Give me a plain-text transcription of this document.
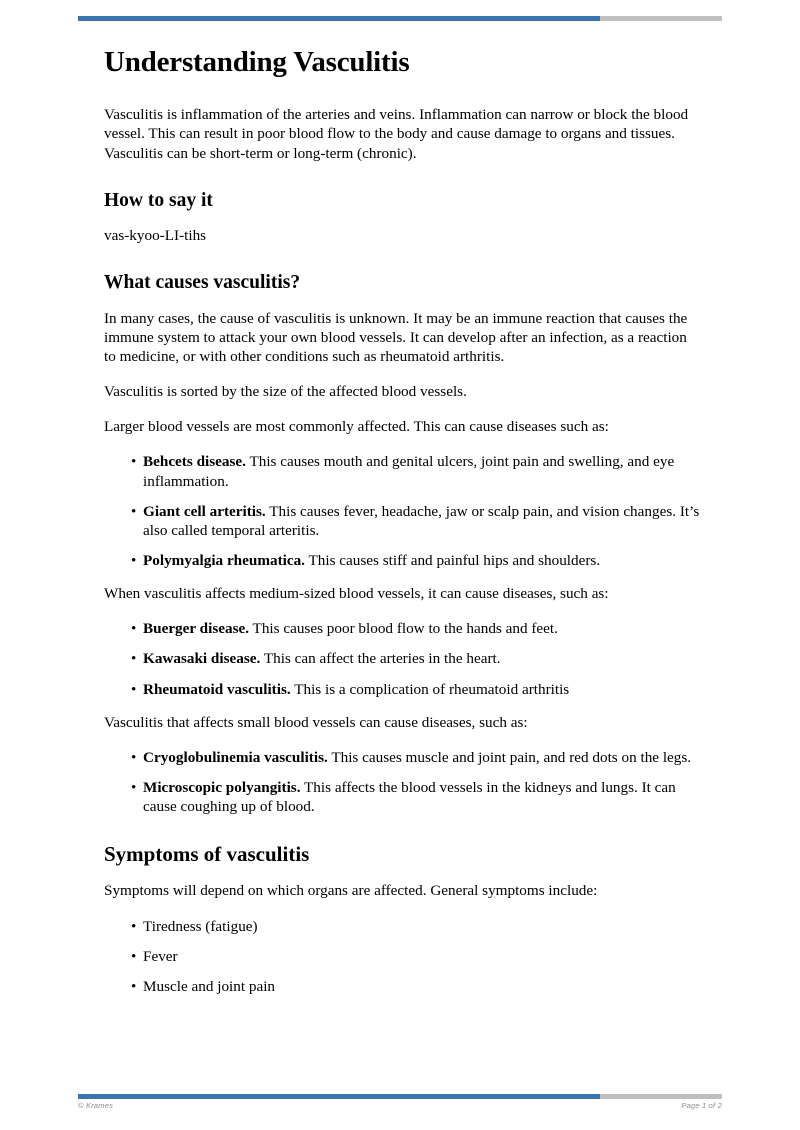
Understanding Vasculitis

Vasculitis is inflammation of the arteries and veins. Inflammation can narrow or block the blood vessel. This can result in poor blood flow to the body and cause damage to organs and tissues. Vasculitis can be short-term or long-term (chronic).

How to say it

vas-kyoo-LI-tihs

What causes vasculitis?

In many cases, the cause of vasculitis is unknown. It may be an immune reaction that causes the immune system to attack your own blood vessels. It can develop after an infection, as a reaction to medicine, or with other conditions such as rheumatoid arthritis.

Vasculitis is sorted by the size of the affected blood vessels.

Larger blood vessels are most commonly affected. This can cause diseases such as:

• Behcets disease. This causes mouth and genital ulcers, joint pain and swelling, and eye inflammation.
• Giant cell arteritis. This causes fever, headache, jaw or scalp pain, and vision changes. It’s also called temporal arteritis.
• Polymyalgia rheumatica. This causes stiff and painful hips and shoulders.

When vasculitis affects medium-sized blood vessels, it can cause diseases, such as:

• Buerger disease. This causes poor blood flow to the hands and feet.
• Kawasaki disease. This can affect the arteries in the heart.
• Rheumatoid vasculitis. This is a complication of rheumatoid arthritis

Vasculitis that affects small blood vessels can cause diseases, such as:

• Cryoglobulinemia vasculitis. This causes muscle and joint pain, and red dots on the legs.
• Microscopic polyangitis. This affects the blood vessels in the kidneys and lungs. It can cause coughing up of blood.
Symptoms of vasculitis

Symptoms will depend on which organs are affected. General symptoms include:

• Tiredness (fatigue)
• Fever
• Muscle and joint pain
© Krames	Page 1 of 2
